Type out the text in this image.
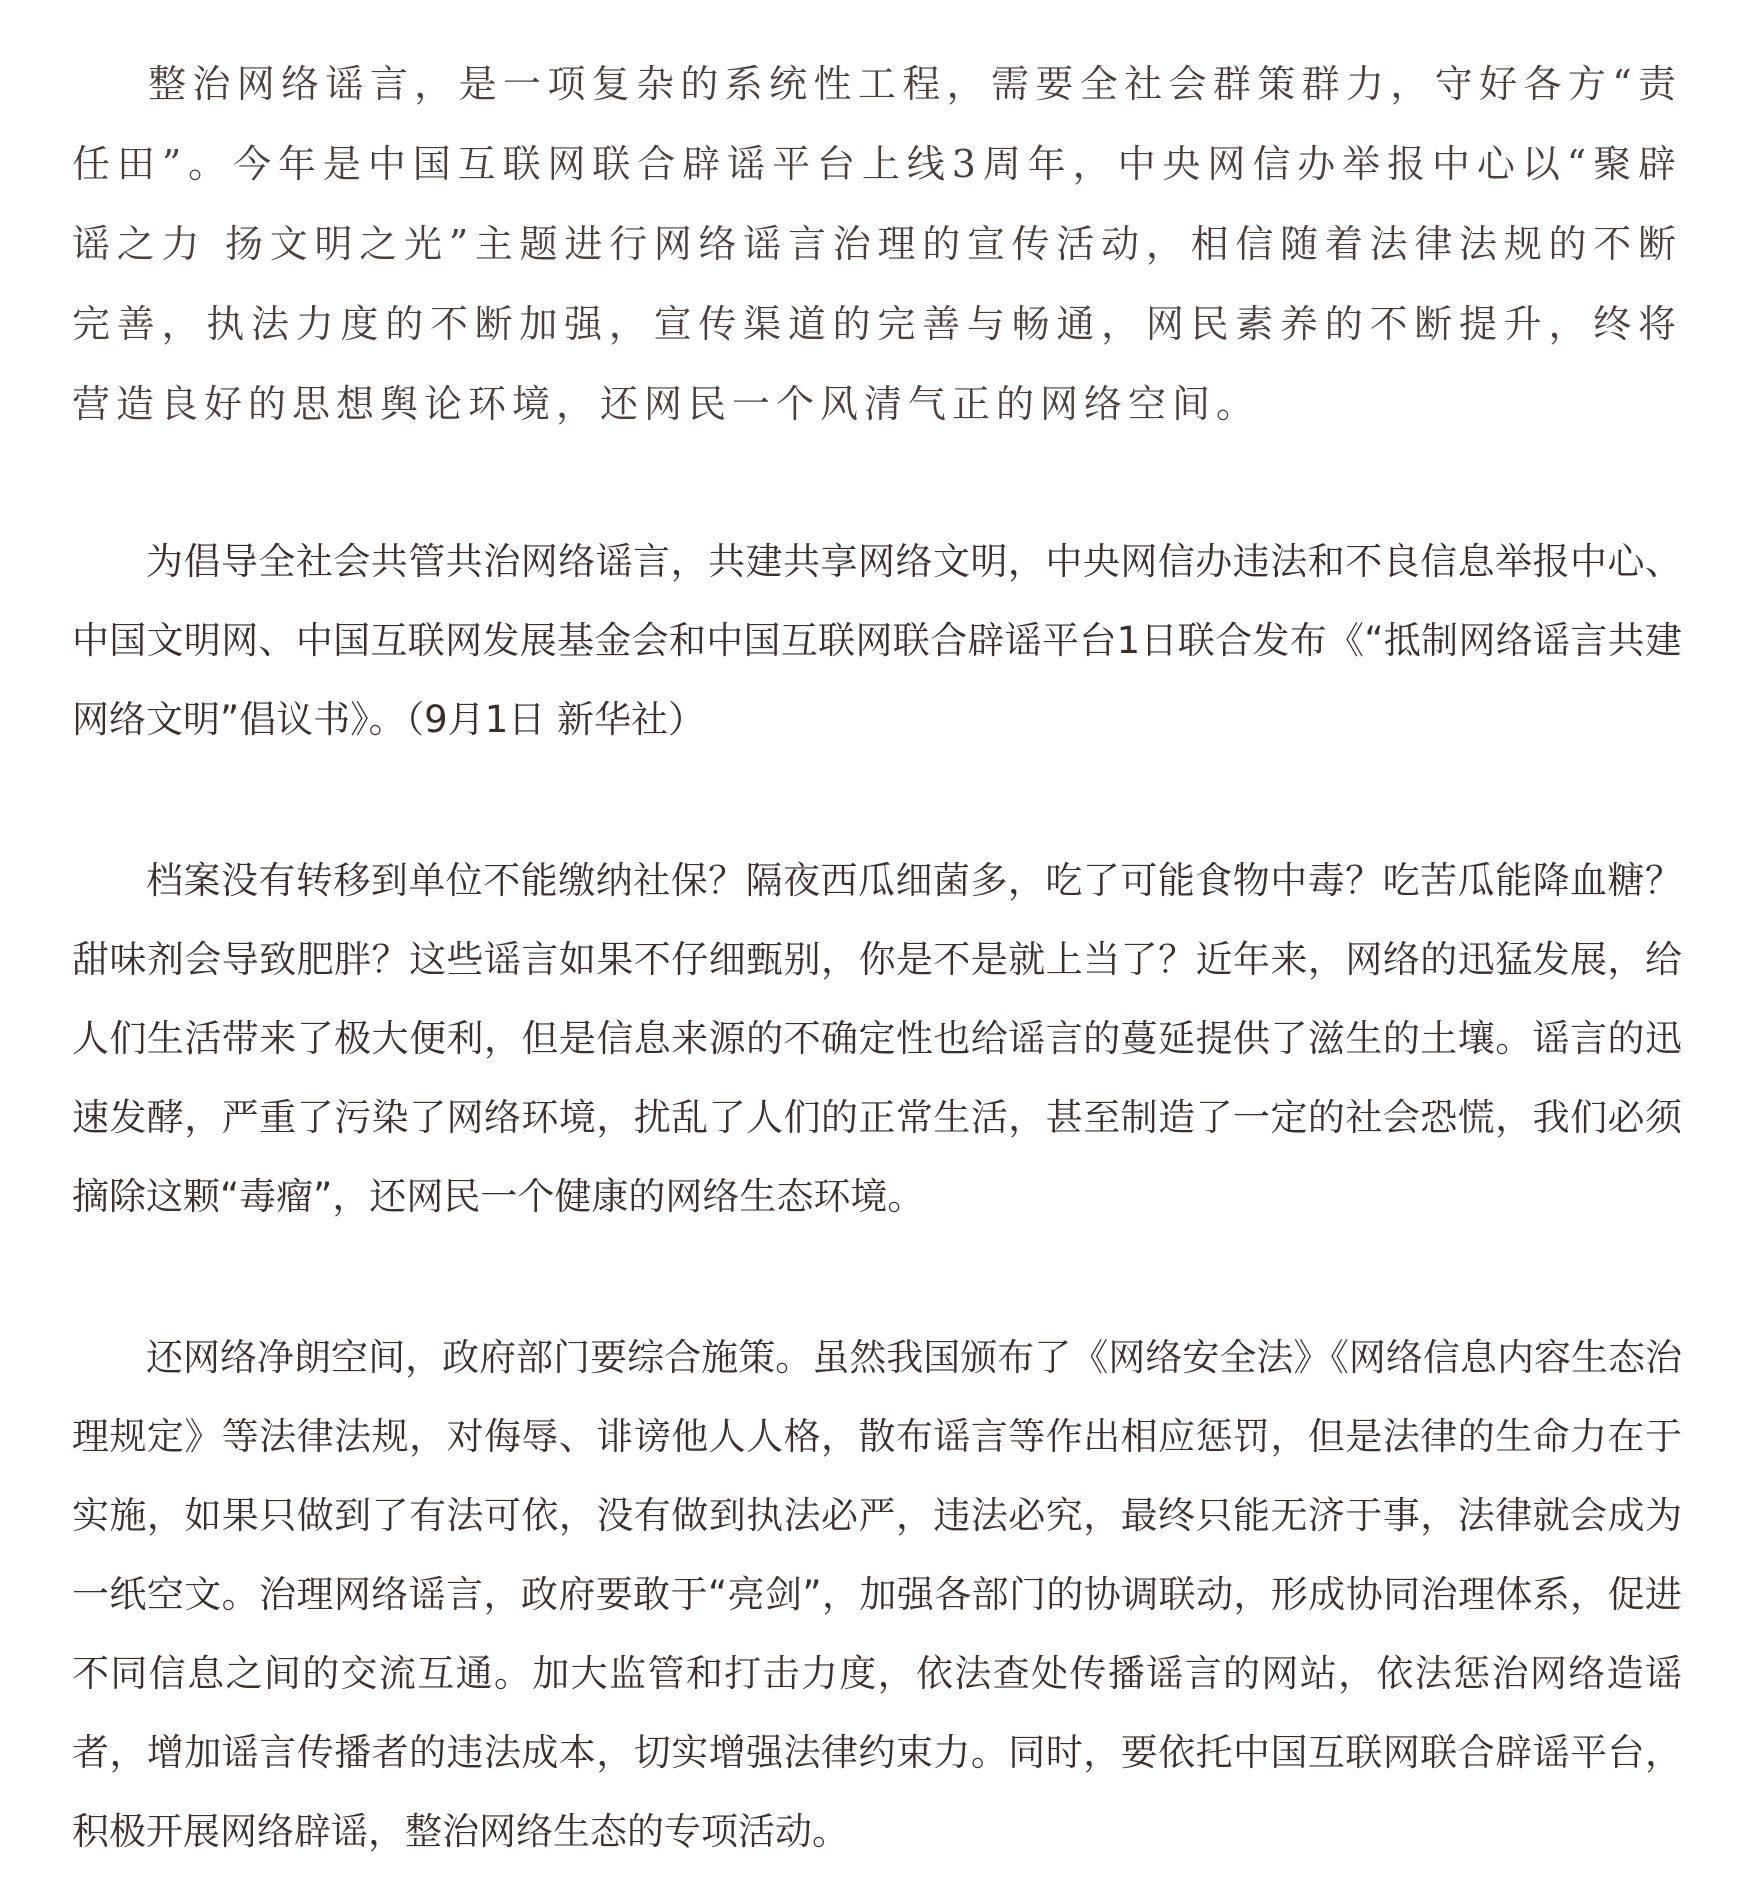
整治网络谣言，是一项复杂的系统性工程，需要全社会群策群力，守好各方“责任田”。今年是中国互联网联合辟谣平台上线3周年，中央网信办举报中心以“聚辟谣之力 扬文明之光”主题进行网络谣言治理的宣传活动，相信随着法律法规的不断完善，执法力度的不断加强，宣传渠道的完善与畅通，网民素养的不断提升，终将营造良好的思想舆论环境，还网民一个风清气正的网络空间。

为倡导全社会共管共治网络谣言，共建共享网络文明，中央网信办违法和不良信息举报中心、中国文明网、中国互联网发展基金会和中国互联网联合辟谣平台1日联合发布《“抵制网络谣言共建网络文明”倡议书》。（9月1日 新华社）

档案没有转移到单位不能缴纳社保？隔夜西瓜细菌多，吃了可能食物中毒？吃苦瓜能降血糖？甜味剂会导致肥胖？这些谣言如果不仔细甄别，你是不是就上当了？近年来，网络的迅猛发展，给人们生活带来了极大便利，但是信息来源的不确定性也给谣言的蔓延提供了滋生的土壤。谣言的迅速发酵，严重了污染了网络环境，扰乱了人们的正常生活，甚至制造了一定的社会恐慌，我们必须摘除这颗“毒瘤”，还网民一个健康的网络生态环境。

还网络净朗空间，政府部门要综合施策。虽然我国颁布了《网络安全法》《网络信息内容生态治理规定》等法律法规，对侮辱、诽谤他人人格，散布谣言等作出相应惩罚，但是法律的生命力在于实施，如果只做到了有法可依，没有做到执法必严，违法必究，最终只能无济于事，法律就会成为一纸空文。治理网络谣言，政府要敢于“亮剑”，加强各部门的协调联动，形成协同治理体系，促进不同信息之间的交流互通。加大监管和打击力度，依法查处传播谣言的网站，依法惩治网络造谣者，增加谣言传播者的违法成本，切实增强法律约束力。同时，要依托中国互联网联合辟谣平台，积极开展网络辟谣，整治网络生态的专项活动。
